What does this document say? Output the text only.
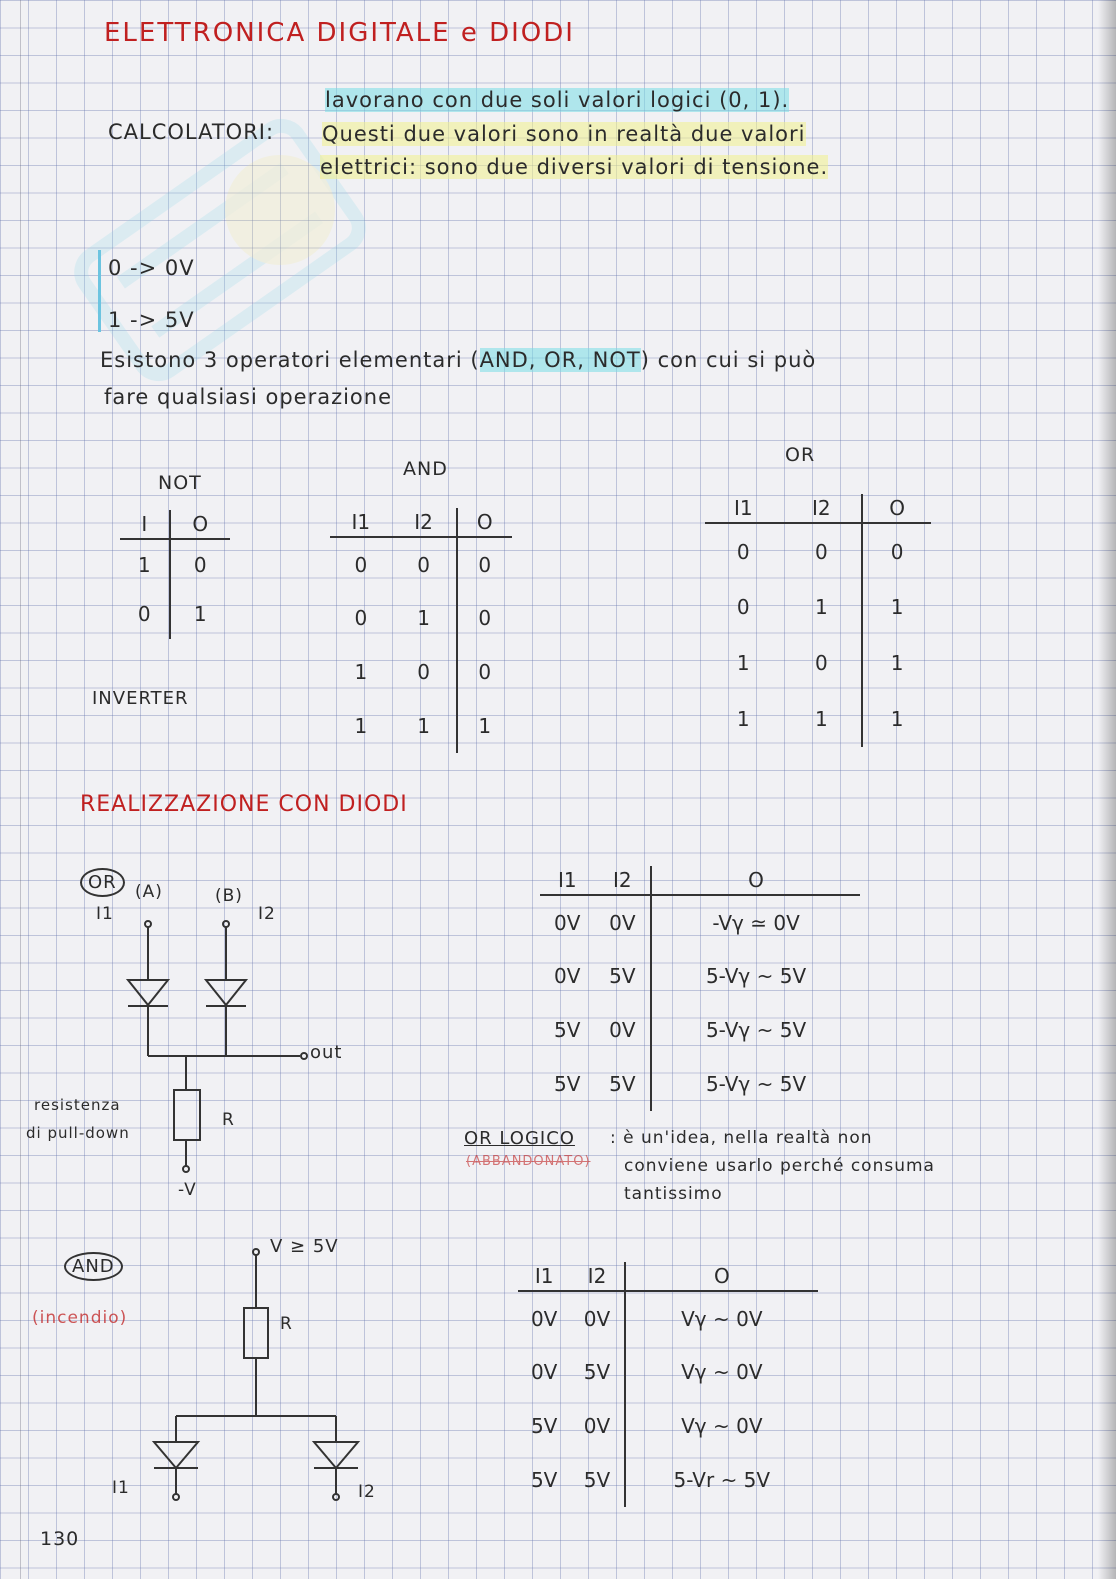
ELETTRONICA DIGITALE e DIODI
CALCOLATORI:
lavorano con due soli valori logici (0, 1).
Questi due valori sono in realtà due valori
elettrici: sono due diversi valori di tensione.
0 -> 0V
1 -> 5V
Esistono 3 operatori elementari (AND, OR, NOT) con cui si può
fare qualsiasi operazione
NOT
I	O
1	0
0	1
INVERTER
AND
I1	I2	O
0	0	0
0	1	0
1	0	0
1	1	1
OR
I1	I2	O
0	0	0
0	1	1
1	0	1
1	1	1
REALIZZAZIONE CON DIODI
OR	(A)	(B)
I1	I2
out
R
resistenza
di pull-down
-V
I1	I2	O
0V	0V	-Vγ ≃ 0V
0V	5V	5-Vγ ~ 5V
5V	0V	5-Vγ ~ 5V
5V	5V	5-Vγ ~ 5V
OR LOGICO
(ABBANDONATO)
: è un'idea, nella realtà non
conviene usarlo perché consuma
tantissimo
AND
(incendio)
V ≥ 5V
R
I1	I2
I1	I2	O
0V	0V	Vγ ~ 0V
0V	5V	Vγ ~ 0V
5V	0V	Vγ ~ 0V
5V	5V	5-Vr ~ 5V
130
